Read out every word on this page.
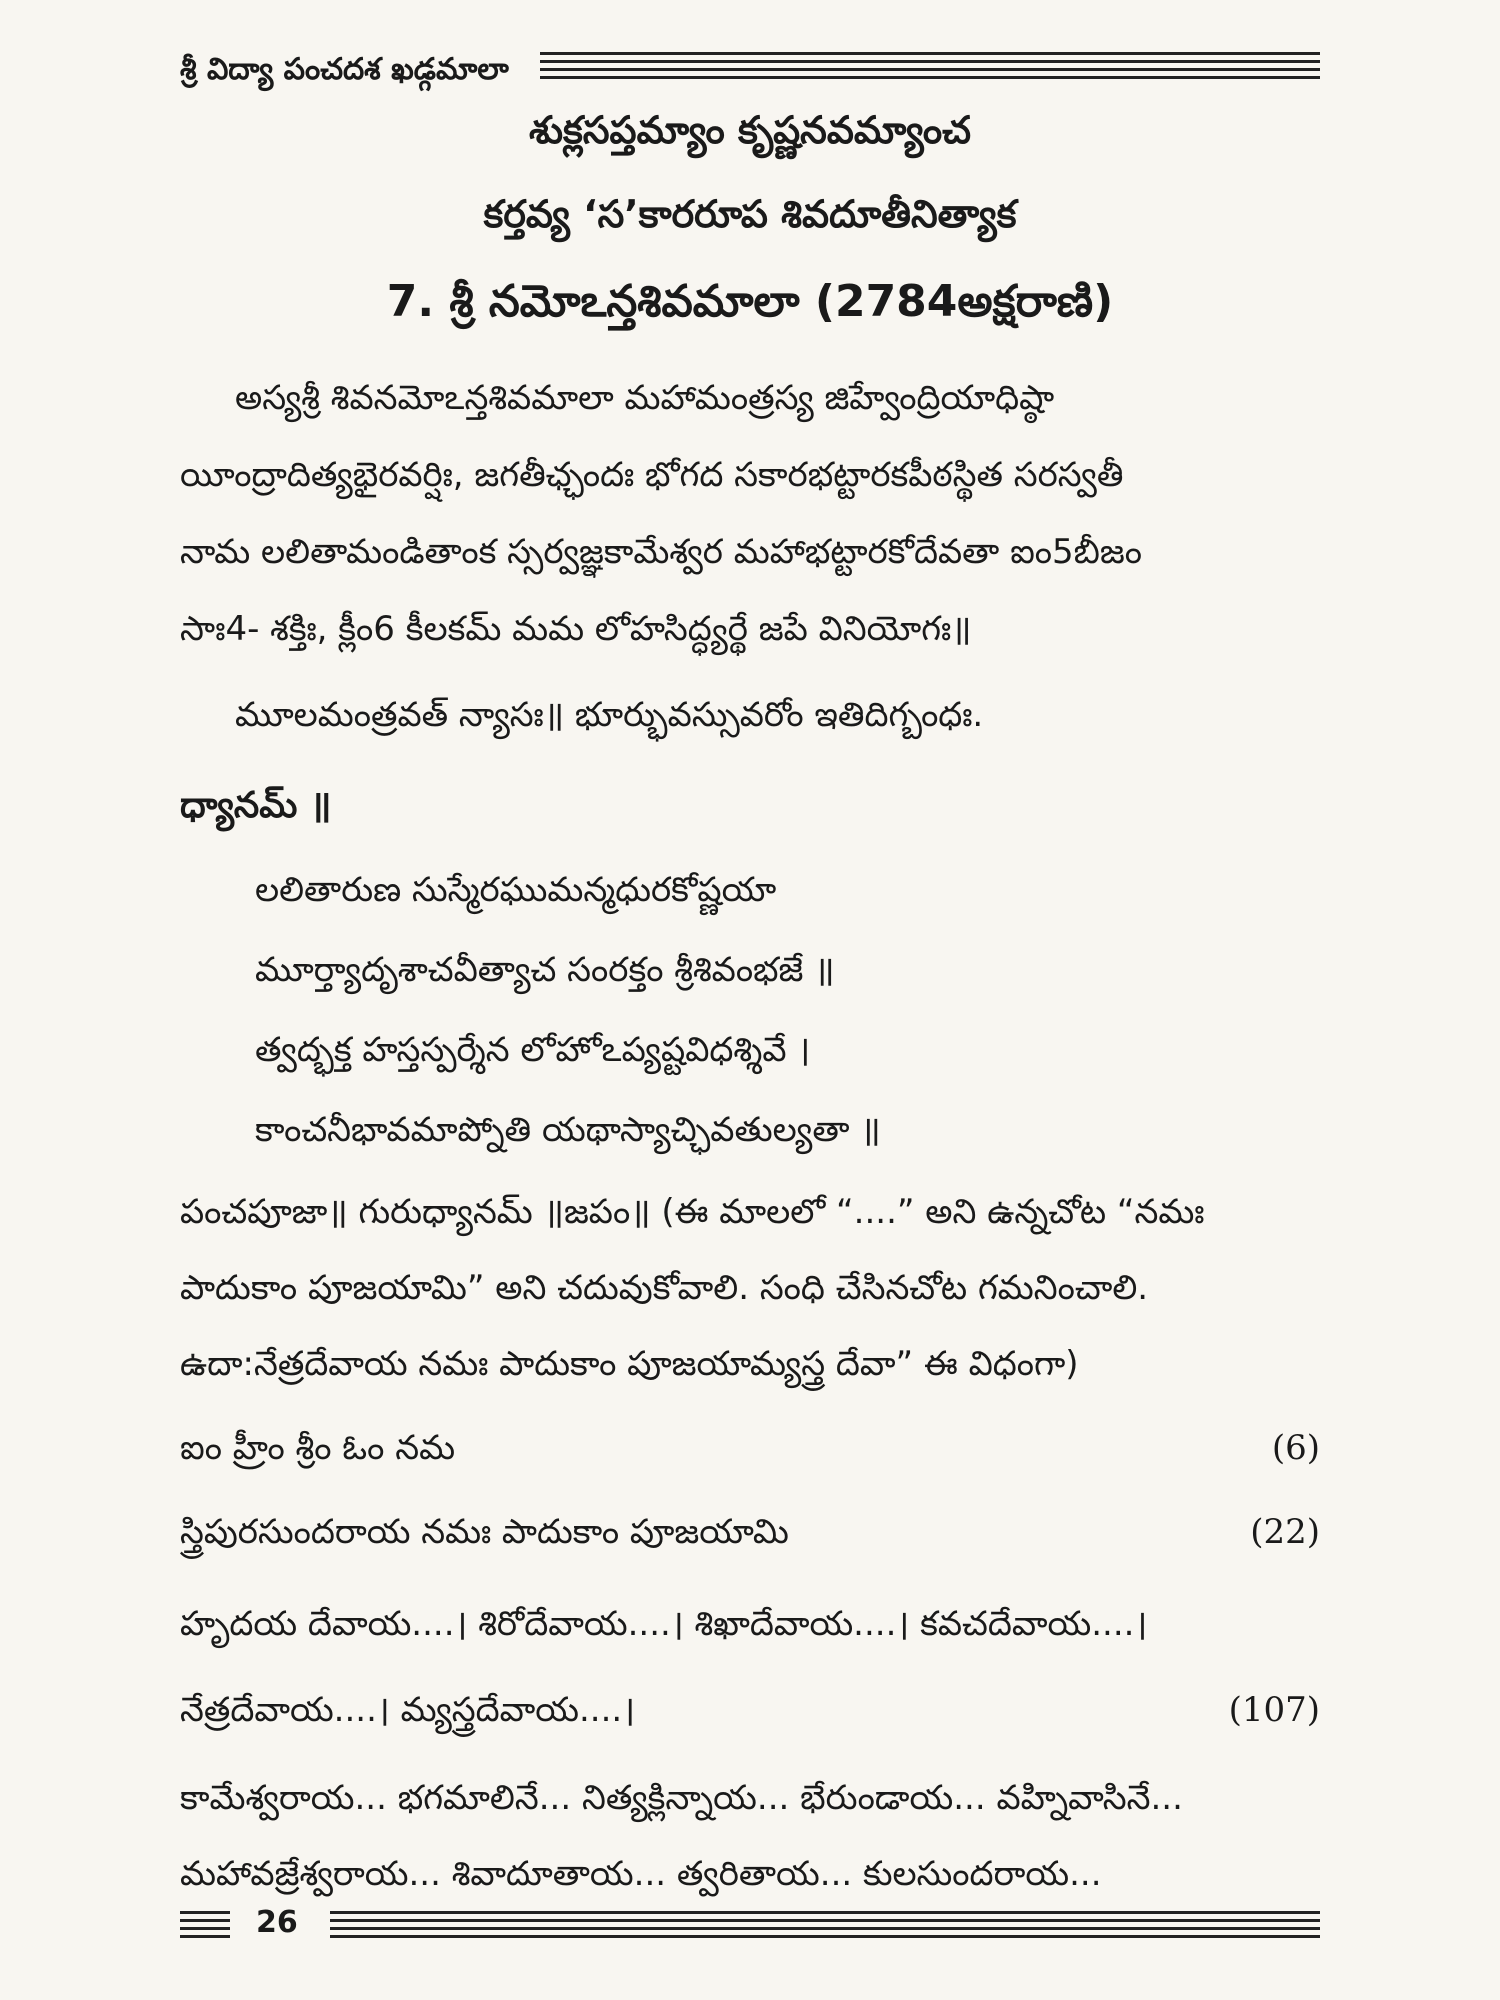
శ్రీ విద్యా పంచదశ ఖడ్గమాలా
శుక్లసప్తమ్యాం కృష్ణనవమ్యాంచ
కర్తవ్య ‘స’కారరూప శివదూతీనిత్యాక
7. శ్రీ నమోఽన్తశివమాలా (2784అక్షరాణి)
అస్యశ్రీ శివనమోఽన్తశివమాలా మహామంత్రస్య జిహ్వేంద్రియాధిష్ఠా
యీంద్రాదిత్యభైరవర్షిః, జగతీఛ్ఛందః భోగద సకారభట్టారకపీఠస్థిత సరస్వతీ
నామ లలితామండితాంక స్సర్వజ్ఞకామేశ్వర మహాభట్టారకోదేవతా ఐం5బీజం
సాః4- శక్తిః, క్లీం6 కీలకమ్ మమ లోహసిద్ధ్యర్థే జపే వినియోగః॥
మూలమంత్రవత్ న్యాసః॥ భూర్భువస్సువరోం ఇతిదిగ్బంధః.
ధ్యానమ్ ॥
లలితారుణ సుస్మేరఘుమన్మధురకోష్ణయా
మూర్త్యాదృశాచవీత్యాచ సంరక్తం శ్రీశివంభజే ॥
త్వద్భక్త హస్తస్పర్శేన లోహోఽప్యష్టవిధశ్శివే ।
కాంచనీభావమాప్నోతి యథాస్యాచ్ఛివతుల్యతా ॥
పంచపూజా॥ గురుధ్యానమ్ ॥జపం॥ (ఈ మాలలో “....” అని ఉన్నచోట “నమః
పాదుకాం పూజయామి” అని చదువుకోవాలి. సంధి చేసినచోట గమనించాలి.
ఉదా:నేత్రదేవాయ నమః పాదుకాం పూజయామ్యస్త్ర దేవా” ఈ విధంగా)
ఐం హ్రీం శ్రీం ఓం నమ	(6)
స్త్రిపురసుందరాయ నమః పాదుకాం పూజయామి	(22)
హృదయ దేవాయ....। శిరోదేవాయ....। శిఖాదేవాయ....। కవచదేవాయ....।
నేత్రదేవాయ....। మ్యస్త్రదేవాయ....।	(107)
కామేశ్వరాయ... భగమాలినే... నిత్యక్లిన్నాయ... భేరుండాయ... వహ్నివాసినే...
మహావజ్రేశ్వరాయ... శివాదూతాయ... త్వరితాయ... కులసుందరాయ...
26
